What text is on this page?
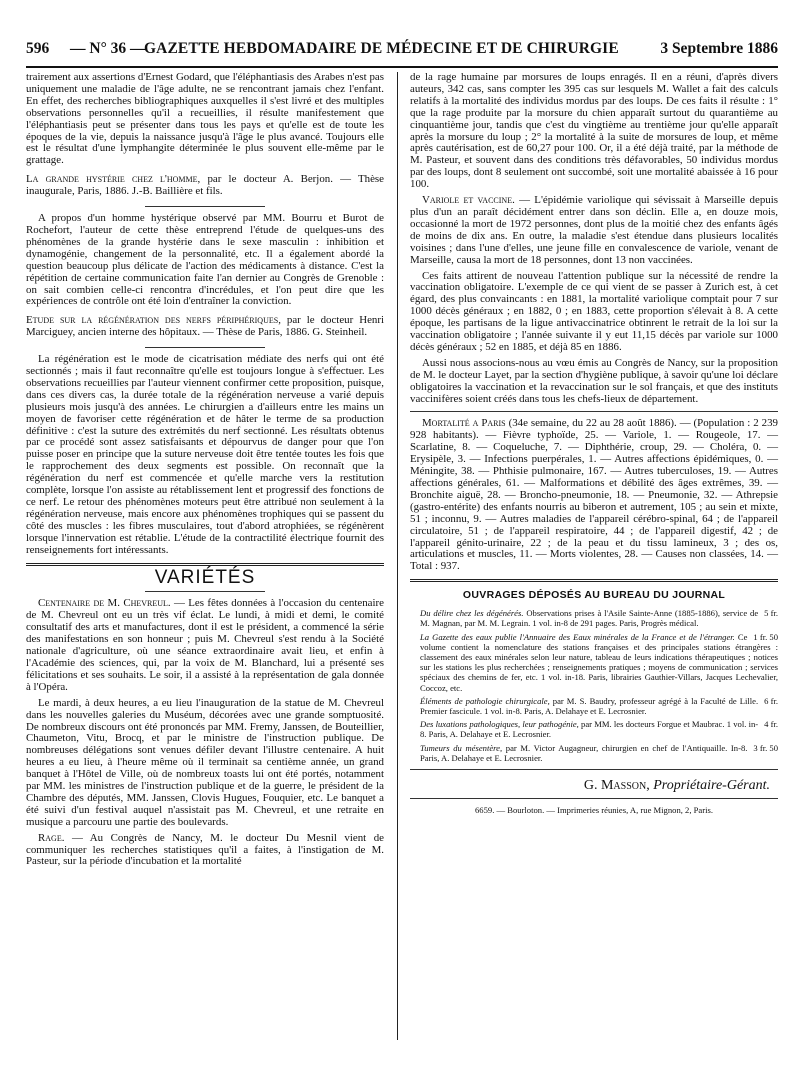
596	— N° 36 —
GAZETTE HEBDOMADAIRE DE MÉDECINE ET DE CHIRURGIE	3 Septembre 1886

trairement aux assertions d'Ernest Godard, que l'éléphantiasis des Arabes n'est pas uniquement une maladie de l'âge adulte, ne se rencontrant jamais chez l'enfant. En effet, des recherches bibliographiques auxquelles il s'est livré et des multiples observations personnelles qu'il a recueillies, il résulte manifestement que l'éléphantiasis peut se présenter dans tous les pays et qu'elle est de toute les époques de la vie, depuis la naissance jusqu'à l'âge le plus avancé. Toujours elle est le résultat d'une lymphangite déterminée le plus souvent elle-même par le grattage.

La grande hystérie chez l'homme, par le docteur A. Berjon. — Thèse inaugurale, Paris, 1886. J.-B. Baillière et fils.

A propos d'un homme hystérique observé par MM. Bourru et Burot de Rochefort, l'auteur de cette thèse entreprend l'étude de quelques-uns des phénomènes de la grande hystérie dans le sexe masculin : inhibition et dynamogénie, changement de la personnalité, etc. Il a également abordé la question beaucoup plus délicate de l'action des médicaments à distance. C'est la répétition de certaine communication faite l'an dernier au Congrès de Grenoble : on sait combien celle-ci rencontra d'incrédules, et l'on peut dire que les expériences de contrôle ont été loin d'entraîner la conviction.

Etude sur la régénération des nerfs périphériques, par le docteur Henri Marciguey, ancien interne des hôpitaux. — Thèse de Paris, 1886. G. Steinheil.

La régénération est le mode de cicatrisation médiate des nerfs qui ont été sectionnés ; mais il faut reconnaître qu'elle est toujours longue à s'effectuer. Les observations recueillies par l'auteur viennent confirmer cette proposition, puisque, dans ces divers cas, la durée totale de la régénération nerveuse a varié depuis plusieurs mois jusqu'à des années. Le chirurgien a d'ailleurs entre les mains un moyen de favoriser cette régénération et de hâter le terme de sa production définitive : c'est la suture des extrémités du nerf sectionné. Les résultats obtenus par ce procédé sont assez satisfaisants et dépourvus de danger pour que l'on puisse poser en principe que la suture nerveuse doit être tentée toutes les fois que le rapprochement des deux segments est possible. On reconnaît que la régénération du nerf est commencée et qu'elle marche vers la restitution complète, lorsque l'on assiste au rétablissement lent et progressif des fonctions de ce nerf. Le retour des phénomènes moteurs peut être attribué non seulement à la régénération nerveuse, mais encore aux phénomènes trophiques qui se passent du côté des muscles : les fibres musculaires, tout d'abord atrophiées, se régénèrent lorsque l'innervation est rétablie. L'étude de la contractilité électrique fournit des renseignements fort intéressants.

VARIÉTÉS

Centenaire de M. Chevreul. — Les fêtes données à l'occasion du centenaire de M. Chevreul ont eu un très vif éclat. Le lundi, à midi et demi, le comité consultatif des arts et manufactures, dont il est le président, a commencé la série des manifestations en son honneur ; puis M. Chevreul s'est rendu à la Société nationale d'agriculture, où une séance extraordinaire avait lieu, et enfin à l'Académie des sciences, qui, par la voix de M. Blanchard, lui a présenté ses félicitations et ses souhaits. Le soir, il a assisté à la représentation de gala donnée à l'Opéra.

Le mardi, à deux heures, a eu lieu l'inauguration de la statue de M. Chevreul dans les nouvelles galeries du Muséum, décorées avec une grande somptuosité. De nombreux discours ont été prononcés par MM. Fremy, Janssen, de Bouteillier, Chaumeton, Vitu, Brocq, et par le ministre de l'instruction publique. De nombreuses délégations sont venues défiler devant l'illustre centenaire. A huit heures a eu lieu, à l'heure même où il terminait sa centième année, un grand banquet à l'Hôtel de Ville, où de nombreux toasts lui ont été portés, notamment par MM. les ministres de l'instruction publique et de la guerre, le président de la Chambre des députés, MM. Janssen, Clovis Hugues, Fouquier, etc. Le banquet a été suivi d'un festival auquel n'assistait pas M. Chevreul, et une retraite en musique a parcouru une partie des boulevards.

Rage. — Au Congrès de Nancy, M. le docteur Du Mesnil vient de communiquer les recherches statistiques qu'il a faites, à l'instigation de M. Pasteur, sur la période d'incubation et la mortalité

de la rage humaine par morsures de loups enragés. Il en a réuni, d'après divers auteurs, 342 cas, sans compter les 395 cas sur lesquels M. Wallet a fait des calculs relatifs à la mortalité des individus mordus par des loups. De ces faits il résulte : 1° que la rage produite par la morsure du chien apparaît surtout du quarantième au cinquantième jour, tandis que c'est du vingtième au trentième jour qu'elle apparaît après la morsure du loup ; 2° la mortalité à la suite de morsures de loup, et même après cautérisation, est de 60,27 pour 100. Or, il a été déjà traité, par la méthode de M. Pasteur, et souvent dans des conditions très défavorables, 50 individus mordus par des loups, dont 8 seulement ont succombé, soit une mortalité abaissée à 16 pour 100.

Variole et vaccine. — L'épidémie variolique qui sévissait à Marseille depuis plus d'un an paraît décidément entrer dans son déclin. Elle a, en douze mois, occasionné la mort de 1972 personnes, dont plus de la moitié chez des enfants âgés de moins de dix ans. En outre, la maladie s'est étendue dans plusieurs localités voisines ; dans l'une d'elles, une jeune fille en convalescence de variole, venant de Marseille, causa la mort de 18 personnes, dont 13 non vaccinées.

Ces faits attirent de nouveau l'attention publique sur la nécessité de rendre la vaccination obligatoire. L'exemple de ce qui vient de se passer à Zurich est, à cet égard, des plus convaincants : en 1881, la mortalité variolique comptait pour 7 sur 1000 décès généraux ; en 1882, 0 ; en 1883, cette proportion s'élevait à 8. A cette époque, les partisans de la ligue antivaccinatrice obtinrent le retrait de la loi sur la vaccination obligatoire ; l'année suivante il y eut 11,15 décès par variole sur 1000 décès généraux ; 52 en 1885, et déjà 85 en 1886.

Aussi nous associons-nous au vœu émis au Congrès de Nancy, sur la proposition de M. le docteur Layet, par la section d'hygiène publique, à savoir qu'une loi déclare obligatoires la vaccination et la revaccination sur le sol français, et que des instituts vaccinifères soient créés dans tous les chefs-lieux de département.

Mortalité a Paris (34e semaine, du 22 au 28 août 1886). — (Population : 2 239 928 habitants). — Fièvre typhoïde, 25. — Variole, 1. — Rougeole, 17. — Scarlatine, 8. — Coqueluche, 7. — Diphthérie, croup, 29. — Choléra, 0. — Erysipèle, 3. — Infections puerpérales, 1. — Autres affections épidémiques, 0. — Méningite, 38. — Phthisie pulmonaire, 167. — Autres tuberculoses, 19. — Autres affections générales, 61. — Malformations et débilité des âges extrêmes, 39. — Bronchite aiguë, 28. — Broncho-pneumonie, 18. — Pneumonie, 32. — Athrepsie (gastro-entérite) des enfants nourris au biberon et autrement, 105 ; au sein et mixte, 51 ; inconnu, 9. — Autres maladies de l'appareil cérébro-spinal, 64 ; de l'appareil circulatoire, 51 ; de l'appareil respiratoire, 44 ; de l'appareil digestif, 42 ; de l'appareil génito-urinaire, 22 ; de la peau et du tissu lamineux, 3 ; des os, articulations et muscles, 11. — Morts violentes, 28. — Causes non classées, 14. — Total : 937.

OUVRAGES DÉPOSÉS AU BUREAU DU JOURNAL

5 fr.
Du délire chez les dégénérés. Observations prises à l'Asile Sainte-Anne (1885-1886), service de M. Magnan, par M. M. Legrain. 1 vol. in-8 de 291 pages. Paris, Progrès médical.

1 fr. 50
La Gazette des eaux publie l'Annuaire des Eaux minérales de la France et de l'étranger. Ce volume contient la nomenclature des stations françaises et des principales stations étrangères : classement des eaux minérales selon leur nature, tableau de leurs indications thérapeutiques ; notices sur les stations les plus recherchées ; renseignements pratiques ; moyens de communication ; services spéciaux des chemins de fer, etc. 1 vol. in-18. Paris, librairies Gauthier-Villars, Jacques Lechevalier, Coccoz, etc.

6 fr.
Éléments de pathologie chirurgicale, par M. S. Baudry, professeur agrégé à la Faculté de Lille. Premier fascicule. 1 vol. in-8. Paris, A. Delahaye et E. Lecrosnier.

4 fr.
Des luxations pathologiques, leur pathogénie, par MM. les docteurs Forgue et Maubrac. 1 vol. in-8. Paris, A. Delahaye et E. Lecrosnier.

3 fr. 50
Tumeurs du mésentère, par M. Victor Augagneur, chirurgien en chef de l'Antiquaille. In-8. Paris, A. Delahaye et E. Lecrosnier.

G. Masson, Propriétaire-Gérant.
6659. — Bourloton. — Imprimeries réunies, A, rue Mignon, 2, Paris.
